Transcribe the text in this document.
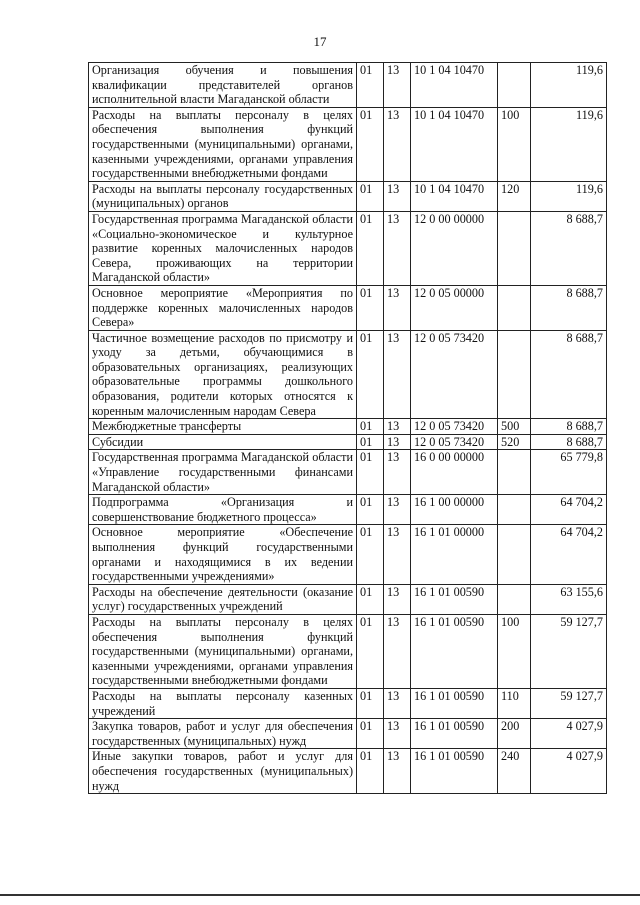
17
Организация обучения и повышения квалификации представителей органов исполнительной власти Магаданской области	01	13	10 1 04 10470		119,6
Расходы на выплаты персоналу в целях обеспечения выполнения функций государственными (муниципальными) органами, казенными учреждениями, органами управления государственными внебюджетными фондами	01	13	10 1 04 10470	100	119,6
Расходы на выплаты персоналу государственных (муниципальных) органов	01	13	10 1 04 10470	120	119,6
Государственная программа Магаданской области «Социально-экономическое и культурное развитие коренных малочисленных народов Севера, проживающих на территории Магаданской области»	01	13	12 0 00 00000		8 688,7
Основное мероприятие «Мероприятия по поддержке коренных малочисленных народов Севера»	01	13	12 0 05 00000		8 688,7
Частичное возмещение расходов по присмотру и уходу за детьми, обучающимися в образовательных организациях, реализующих образовательные программы дошкольного образования, родители которых относятся к коренным малочисленным народам Севера	01	13	12 0 05 73420		8 688,7
Межбюджетные трансферты	01	13	12 0 05 73420	500	8 688,7
Субсидии	01	13	12 0 05 73420	520	8 688,7
Государственная программа Магаданской области «Управление государственными финансами Магаданской области»	01	13	16 0 00 00000		65 779,8
Подпрограмма «Организация и совершенствование бюджетного процесса»	01	13	16 1 00 00000		64 704,2
Основное мероприятие «Обеспечение выполнения функций государственными органами и находящимися в их ведении государственными учреждениями»	01	13	16 1 01 00000		64 704,2
Расходы на обеспечение деятельности (оказание услуг) государственных учреждений	01	13	16 1 01 00590		63 155,6
Расходы на выплаты персоналу в целях обеспечения выполнения функций государственными (муниципальными) органами, казенными учреждениями, органами управления государственными внебюджетными фондами	01	13	16 1 01 00590	100	59 127,7
Расходы на выплаты персоналу казенных учреждений	01	13	16 1 01 00590	110	59 127,7
Закупка товаров, работ и услуг для обеспечения государственных (муниципальных) нужд	01	13	16 1 01 00590	200	4 027,9
Иные закупки товаров, работ и услуг для обеспечения государственных (муниципальных) нужд	01	13	16 1 01 00590	240	4 027,9
